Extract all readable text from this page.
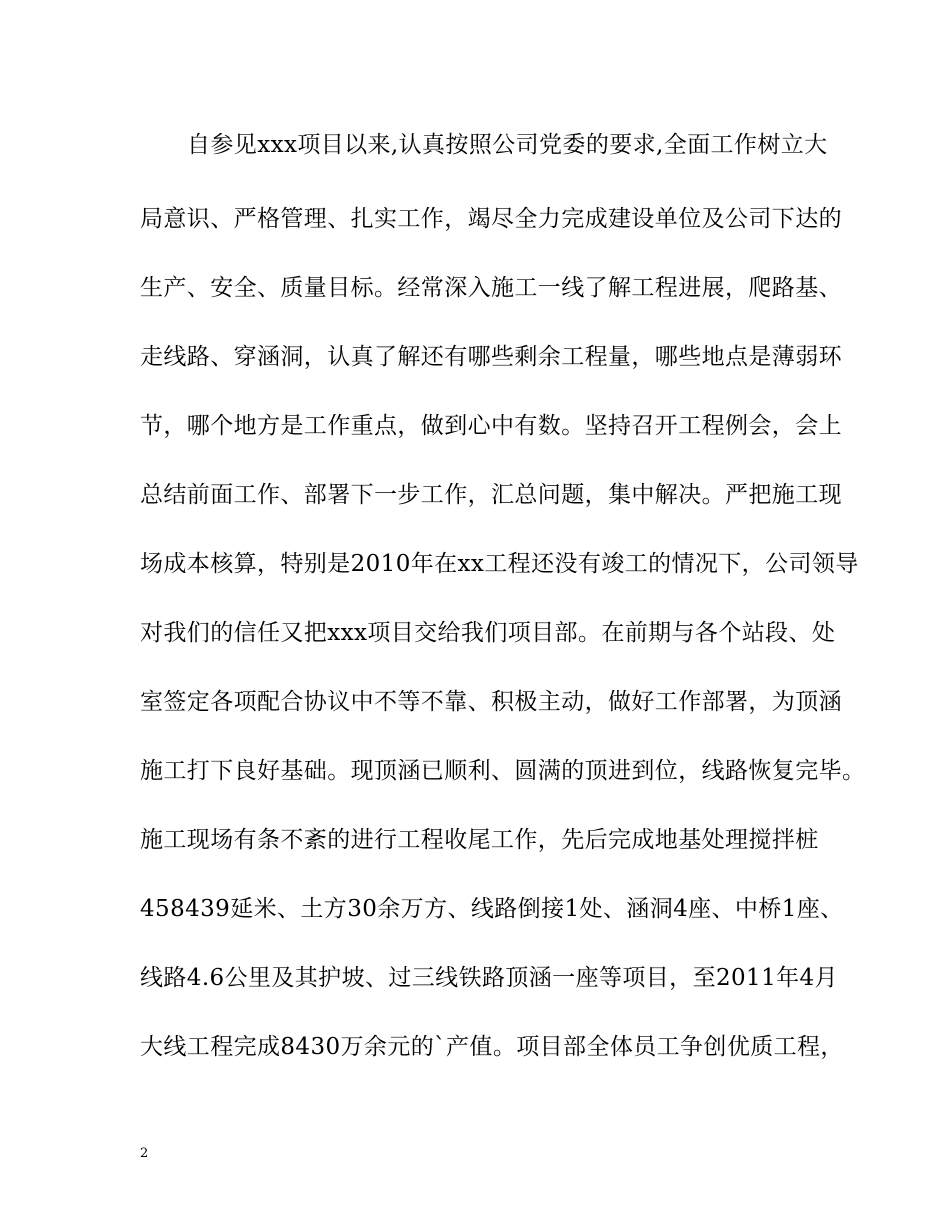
自参见xxx项目以来,认真按照公司党委的要求,全面工作树立大
局意识、严格管理、扎实工作，竭尽全力完成建设单位及公司下达的
生产、安全、质量目标。经常深入施工一线了解工程进展，爬路基、
走线路、穿涵洞，认真了解还有哪些剩余工程量，哪些地点是薄弱环
节，哪个地方是工作重点，做到心中有数。坚持召开工程例会，会上
总结前面工作、部署下一步工作，汇总问题，集中解决。严把施工现
场成本核算，特别是2010年在xx工程还没有竣工的情况下，公司领导
对我们的信任又把xxx项目交给我们项目部。在前期与各个站段、处
室签定各项配合协议中不等不靠、积极主动，做好工作部署，为顶涵
施工打下良好基础。现顶涵已顺利、圆满的顶进到位，线路恢复完毕。
施工现场有条不紊的进行工程收尾工作，先后完成地基处理搅拌桩
458439延米、土方30余万方、线路倒接1处、涵洞4座、中桥1座、
线路4.6公里及其护坡、过三线铁路顶涵一座等项目，至2011年4月
大线工程完成8430万余元的`产值。项目部全体员工争创优质工程，
2
